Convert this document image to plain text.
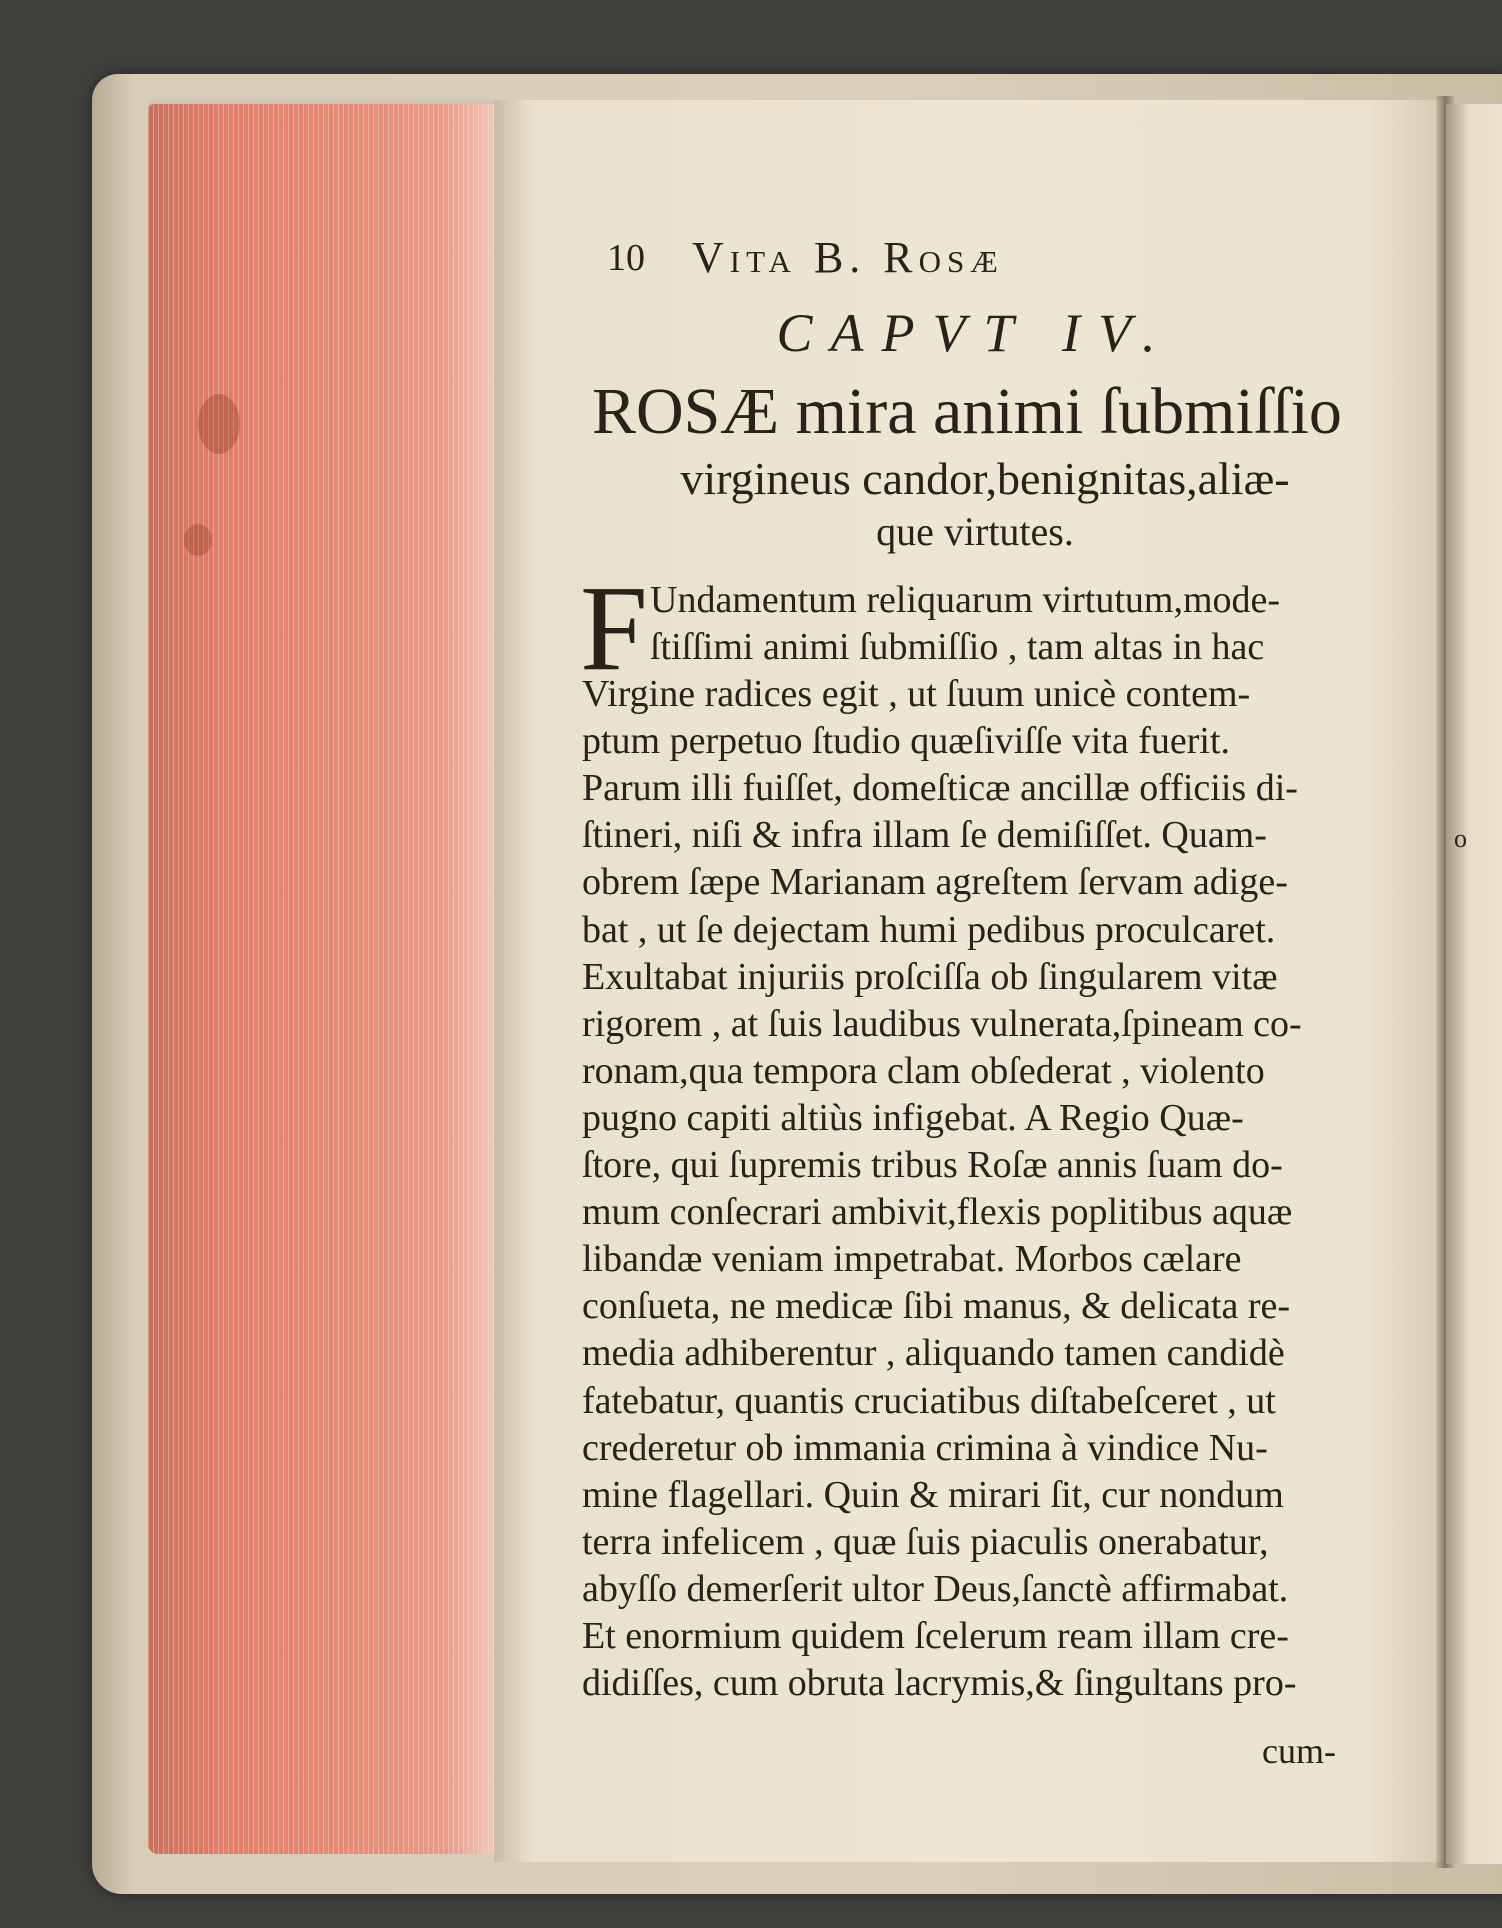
10 Vita B. Rosæ
CAPVT IV.
ROSÆ mira animi ſubmiſſio
virgineus candor,benignitas,aliæ-
que virtutes.
F Undamentum reliquarum virtutum,mode-
ſtiſſimi animi ſubmiſſio , tam altas in hac
Virgine radices egit , ut ſuum unicè contem-
ptum perpetuo ſtudio quæſiviſſe vita fuerit.
Parum illi fuiſſet, domeſticæ ancillæ officiis di-
ſtineri, niſi & infra illam ſe demiſiſſet. Quam-
obrem ſæpe Marianam agreſtem ſervam adige-
bat , ut ſe dejectam humi pedibus proculcaret.
Exultabat injuriis proſciſſa ob ſingularem vitæ
rigorem , at ſuis laudibus vulnerata,ſpineam co-
ronam,qua tempora clam obſederat , violento
pugno capiti altiùs infigebat. A Regio Quæ-
ſtore, qui ſupremis tribus Roſæ annis ſuam do-
mum conſecrari ambivit,flexis poplitibus aquæ
libandæ veniam impetrabat. Morbos cælare
conſueta, ne medicæ ſibi manus, & delicata re-
media adhiberentur , aliquando tamen candidè
fatebatur, quantis cruciatibus diſtabeſceret , ut
crederetur ob immania crimina à vindice Nu-
mine flagellari. Quin & mirari ſit, cur nondum
terra infelicem , quæ ſuis piaculis onerabatur,
abyſſo demerſerit ultor Deus,ſanctè affirmabat.
Et enormium quidem ſcelerum ream illam cre-
didiſſes, cum obruta lacrymis,& ſingultans pro-
cum-
o
